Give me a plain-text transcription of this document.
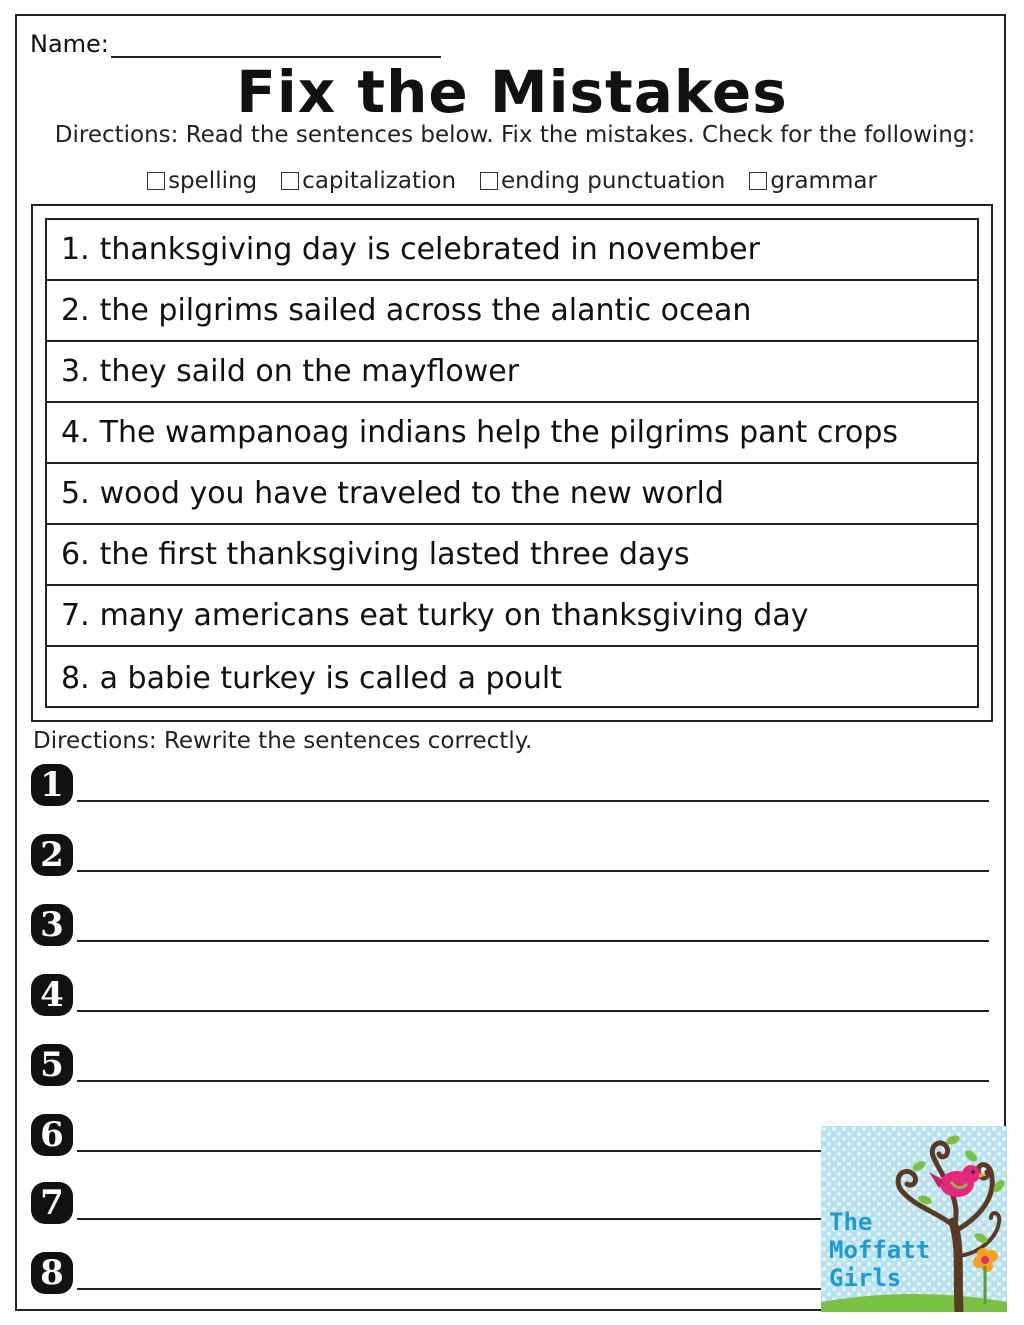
Name:
Fix the Mistakes
Directions: Read the sentences below. Fix the mistakes. Check for the following:
spelling capitalization ending punctuation grammar
1. thanksgiving day is celebrated in november
2. the pilgrims sailed across the alantic ocean
3. they saild on the mayflower
4. The wampanoag indians help the pilgrims pant crops
5. wood you have traveled to the new world
6. the first thanksgiving lasted three days
7. many americans eat turky on thanksgiving day
8. a babie turkey is called a poult
Directions: Rewrite the sentences correctly.
1
2
3
4
5
6
7
8
The
Moffatt
Girls
